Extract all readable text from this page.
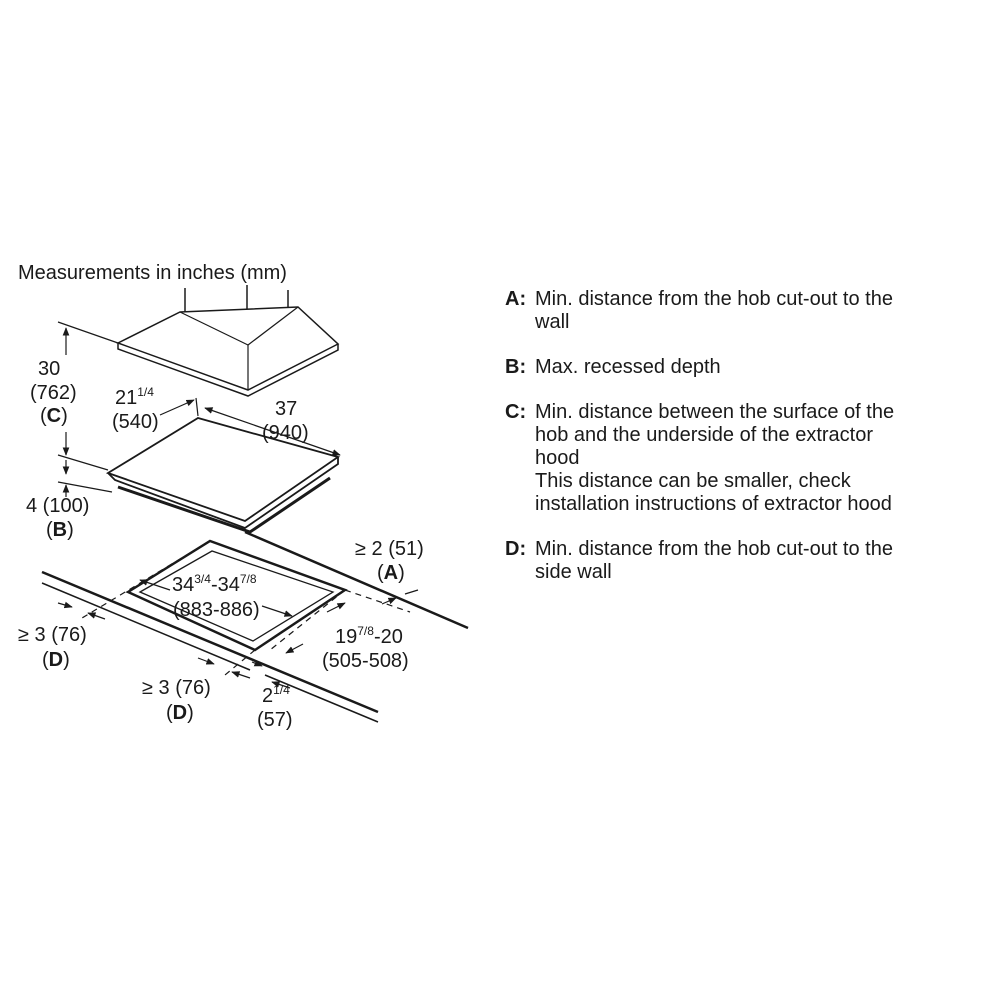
Measurements in inches (mm)
30
(762)
(C)
$21^{1/4}$
(540)
37
(940)
4 (100)
(B)
$34^{3/4}-34^{7/8}$
(883-886)
≥ 2 (51)
(A)
$19^{7/8}-20$
(505-508)
≥ 3 (76)
(D)
≥ 3 (76)
(D)
$2^{1/4}$
(57)
A: Min. distance from the hob cut-out to the
wall
B: Max. recessed depth
C: Min. distance between the surface of the
hob and the underside of the extractor
hood
This distance can be smaller, check
installation instructions of extractor hood
D: Min. distance from the hob cut-out to the
side wall
